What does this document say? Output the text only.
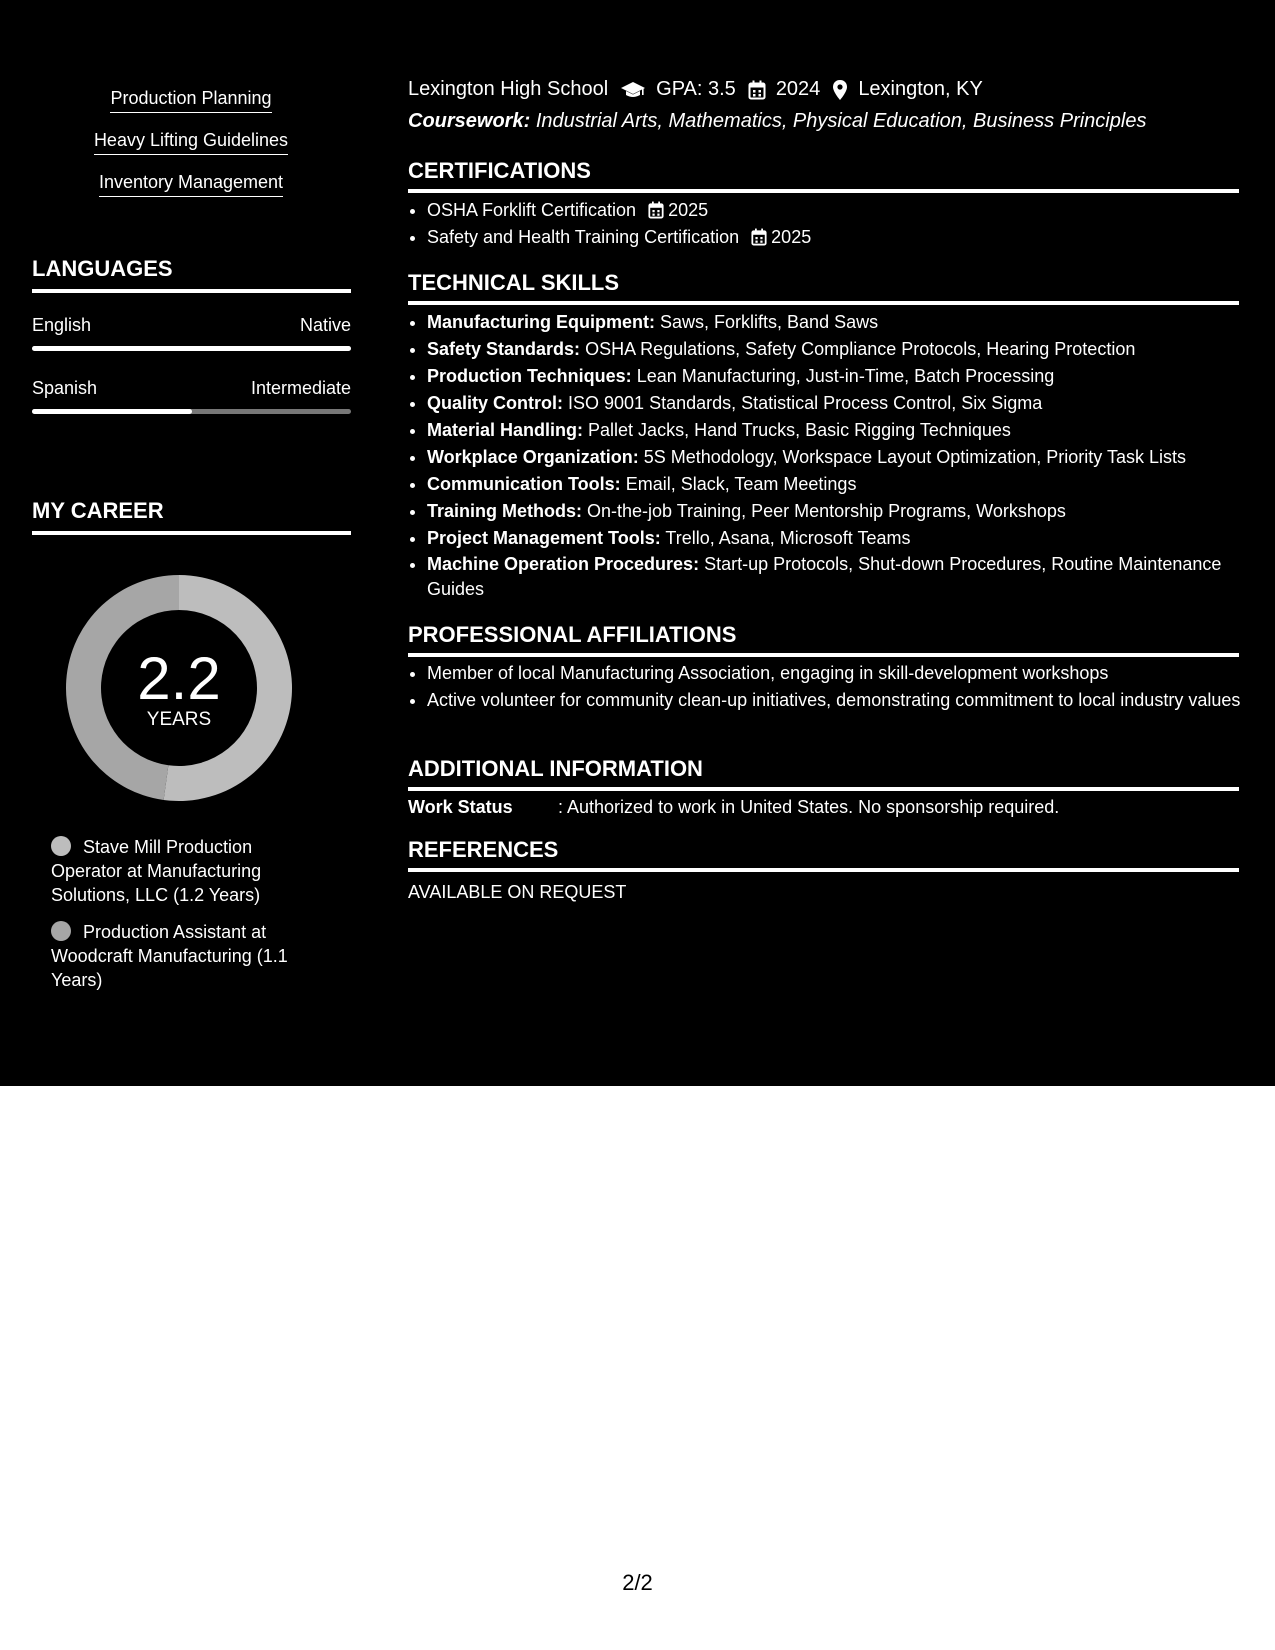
Production Planning
Heavy Lifting Guidelines
Inventory Management
LANGUAGES
English	Native
Spanish	Intermediate
MY CAREER
2.2
YEARS
Stave Mill Production Operator at Manufacturing Solutions, LLC (1.2 Years)
Production Assistant at Woodcraft Manufacturing (1.1 Years)
Lexington High School GPA: 3.5 2024 Lexington, KY
Coursework: Industrial Arts, Mathematics, Physical Education, Business Principles
CERTIFICATIONS
• OSHA Forklift Certification 2025
• Safety and Health Training Certification 2025
TECHNICAL SKILLS
• Manufacturing Equipment: Saws, Forklifts, Band Saws
• Safety Standards: OSHA Regulations, Safety Compliance Protocols, Hearing Protection
• Production Techniques: Lean Manufacturing, Just-in-Time, Batch Processing
• Quality Control: ISO 9001 Standards, Statistical Process Control, Six Sigma
• Material Handling: Pallet Jacks, Hand Trucks, Basic Rigging Techniques
• Workplace Organization: 5S Methodology, Workspace Layout Optimization, Priority Task Lists
• Communication Tools: Email, Slack, Team Meetings
• Training Methods: On-the-job Training, Peer Mentorship Programs, Workshops
• Project Management Tools: Trello, Asana, Microsoft Teams
• Machine Operation Procedures: Start-up Protocols, Shut-down Procedures, Routine Maintenance Guides
PROFESSIONAL AFFILIATIONS
• Member of local Manufacturing Association, engaging in skill-development workshops
• Active volunteer for community clean-up initiatives, demonstrating commitment to local industry values
ADDITIONAL INFORMATION
Work Status	: Authorized to work in United States. No sponsorship required.
REFERENCES
AVAILABLE ON REQUEST
2/2
